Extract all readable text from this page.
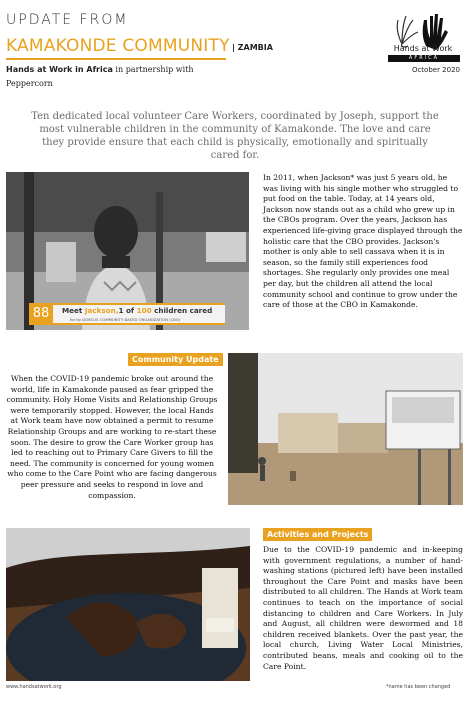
UPDATE FROM
KAMAKONDE COMMUNITY | ZAMBIA
Hands at Work in Africa in partnership with
Peppercorn
Hands at Work
AFRICA
October 2020
Ten dedicated local volunteer Care Workers, coordinated by Joseph, support the most vulnerable children in the community of Kamakonde. The love and care they provide ensure that each child is physically, emotionally and spiritually cared for.

In 2011, when Jackson* was just 5 years old, he was living with his single mother who struggled to put food on the table. Today, at 14 years old, Jackson now stands out as a child who grew up in the CBOs program. Over the years, Jackson has experienced life-giving grace displayed through the holistic care that the CBO provides. Jackson's mother is only able to sell cassava when it is in season, so the family still experiences food shortages. She regularly only provides one meal per day, but the children all attend the local community school and continue to grow under the care of those at the CBO in Kamakonde.

88	Meet Jackson,1 of 100 children cared
for by DORCUS COMMUNITY BASED ORGANIZATION (CBO)
Community Update
When the COVID-19 pandemic broke out around the world, life in Kamakonde paused as fear gripped the community. Holy Home Visits and Relationship Groups were temporarily stopped. However, the local Hands at Work team have now obtained a permit to resume Relationship Groups and are working to re-start these soon. The desire to grow the Care Worker group has led to reaching out to Primary Care Givers to fill the need. The community is concerned for young women who come to the Care Point who are facing dangerous peer pressure and seeks to respond in love and compassion.
Activities and Projects
Due to the COVID-19 pandemic and in-keeping with government regulations, a number of hand-washing stations (pictured left) have been installed throughout the Care Point and masks have been distributed to all children. The Hands at Work team continues to teach on the importance of social distancing to children and Care Workers. In July and August, all children were dewormed and 18 children received blankets. Over the past year, the local church, Living Water Local Ministries, contributed beans, meals and cooking oil to the Care Point.
www.handsatwork.org	*name has been changed
